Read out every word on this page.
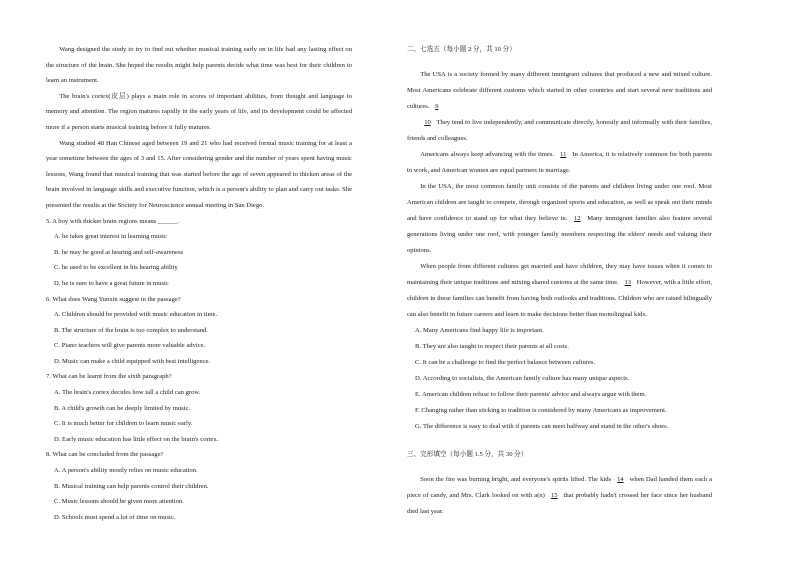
Wang designed the study to try to find out whether musical training early on in life had any lasting effect on the structure of the brain. She hoped the results might help parents decide what time was best for their children to learn an instrument.

The brain's cortex(皮层) plays a main role in scores of important abilities, from thought and language to memory and attention. The region matures rapidly in the early years of life, and its development could be affected more if a person starts musical training before it fully matures.

Wang studied 48 Han Chinese aged between 19 and 21 who had received formal music training for at least a year sometime between the ages of 3 and 15. After considering gender and the number of years spent having music lessons, Wang found that musical training that was started before the age of seven appeared to thicken areas of the brain involved in language skills and executive function, which is a person's ability to plan and carry out tasks. She presented the results at the Society for Neuroscience annual meeting in San Diego.

5. A boy with thicker brain regions means ______.

A. he takes great interest in learning music

B. he may be good at hearing and self-awareness

C. he used to be excellent in his hearing ability

D. he is sure to have a great future in music

6. What does Wang Yunxin suggest in the passage?

A. Children should be provided with music education in time.

B. The structure of the brain is too complex to understand.

C. Piano teachers will give parents more valuable advice.

D. Music can make a child equipped with best intelligence.

7. What can be learnt from the sixth paragraph?

A. The brain's cortex decides how tall a child can grow.

B. A child's growth can be deeply limited by music.

C. It is much better for children to learn music early.

D. Early music education has little effect on the brain's cortex.

8. What can be concluded from the passage?

A. A person's ability mostly relies on music education.

B. Musical training can help parents control their children.

C. Music lessons should be given more attention.

D. Schools must spend a lot of time on music.

二、七选五（每小题 2 分，共 10 分）

The USA is a society formed by many different immigrant cultures that produced a new and mixed culture. Most Americans celebrate different customs which started in other countries and start several new traditions and cultures. 9

10 They tend to live independently, and communicate directly, honestly and informally with their families, friends and colleagues.

Americans always keep advancing with the times. 11 In America, it is relatively common for both parents to work, and American women are equal partners in marriage.

In the USA, the most common family unit consists of the parents and children living under one roof. Most American children are taught to compete, through organized sports and education, as well as speak out their minds and have confidence to stand up for what they believe in. 12 Many immigrant families also feature several generations living under one roof, with younger family members respecting the elders' needs and valuing their opinions.

When people from different cultures get married and have children, they may have issues when it comes to maintaining their unique traditions and mixing shared customs at the same time. 13 However, with a little effort, children in these families can benefit from having both outlooks and traditions. Children who are raised bilingually can also benefit in future careers and learn to make decisions better than monolingual kids.

A. Many Americans find happy life is important.

B. They are also taught to respect their parents at all costs.

C. It can be a challenge to find the perfect balance between cultures.

D. According to socialists, the American family culture has many unique aspects.

E. American children refuse to follow their parents' advice and always argue with them.

F. Changing rather than sticking to tradition is considered by many Americans as improvement.

G. The difference is easy to deal with if parents can meet halfway and stand in the other's shoes.

三、完形填空（每小题 1.5 分，共 30 分）

Soon the fire was burning bright, and everyone's spirits lifted. The kids 14 when Dad handed them each a piece of candy, and Mrs. Clark looked on with a(n) 15 that probably hadn't crossed her face since her husband died last year.
